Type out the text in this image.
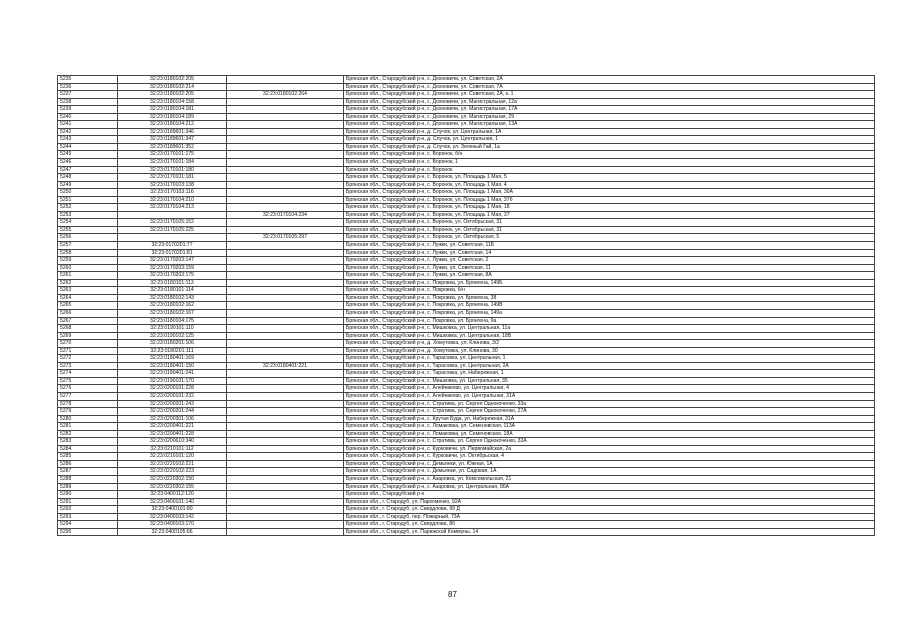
5235	32:23:0180102:205		Брянская обл., Стародубский р-н, с. Дохновичи, ул. Советская, 2А
5236	32:23:0180102:214		Брянская обл., Стародубский р-н, с. Дохновичи, ул. Советская, 7А
5237	32:23:0180102:205	32:23:0180102:264	Брянская обл., Стародубский р-н, с. Дохновичи, ул. Советская, 2А, к. 1
5238	32:23:0180104:158		Брянская обл., Стародубский р-н, с. Дохновичи, ул. Магистральная, 12а
5239	32:23:0180104:181		Брянская обл., Стародубский р-н, с. Дохновичи, ул. Магистральная, 17А
5240	32:23:0180104:189		Брянская обл., Стародубский р-н, с. Дохновичи, ул. Магистральная, 29
5241	32:23:0180104:212		Брянская обл., Стародубский р-н, с. Дохновичи, ул. Магистральная, 13А
5242	32:23:0189601:346		Брянская обл., Стародубский р-н, д. Случок, ул. Центральная, 1А
5243	32:23:0189601:347		Брянская обл., Стародубский р-н, д. Случок, ул. Центральная, 1
5244	32:23:0189601:352		Брянская обл., Стародубский р-н, д. Случок, ул. Зеленый Гай, 1а
5245	32:23:0170101:175		Брянская обл., Стародубский р-н, с. Воронок, б/н
5246	32:23:0170101:184		Брянская обл., Стародубский р-н, с. Воронок, 1
5247	32:23:0170101:180		Брянская обл., Стародубский р-н, с. Воронок
5248	32:23:0170101:181		Брянская обл., Стародубский р-н, с. Воронок, ул. Площадь 1 Мая, 5
5249	32:23:0170103:138		Брянская обл., Стародубский р-н, с. Воронок, ул. Площадь 1 Мая, 4
5250	32:23:0170103:116		Брянская обл., Стародубский р-н, с. Воронок, ул. Площадь 1 Мая, 30А
5251	32:23:0170104:210		Брянская обл., Стародубский р-н, с. Воронок, ул. Площадь 1 Мая, 37б
5252	32:23:0170104:213		Брянская обл., Стародубский р-н, с. Воронок, ул. Площадь 1 Мая, 18
5253		32:23:0170104:234	Брянская обл., Стародубский р-н, с. Воронок, ул. Площадь 1 Мая, 37
5254	32:23:0170105:152		Брянская обл., Стародубский р-н, с. Воронок, ул. Октябрьская, 31
5255	32:23:0170105:225		Брянская обл., Стародубский р-н, с. Воронок, ул. Октябрьская, 31
5256		32:23:0170105:297	Брянская обл., Стародубский р-н, с. Воронок, ул. Октябрьская, 5
5257	32:23:0170201:77		Брянская обл., Стародубский р-н, с. Лужки, ул. Советская, 11Б
5258	32:23:0170201:81		Брянская обл., Стародубский р-н, с. Лужки, ул. Советская, 14
5259	32:23:0170203:147		Брянская обл., Стародубский р-н, с. Лужки, ул. Советская, 2
5260	32:23:0170203:159		Брянская обл., Стародубский р-н, с. Лужки, ул. Советская, 11
5261	32:23:0170203:175		Брянская обл., Стародубский р-н, с. Лужки, ул. Советская, 8А
5262	32:23:0180101:113		Брянская обл., Стародубский р-н, с. Покровка, ул. Брянгена, 149Б
5263	32:23:0180101:114		Брянская обл., Стародубский р-н, с. Покровка, б/н
5264	32:23:0180102:143		Брянская обл., Стародубский р-н, с. Покровка, ул. Брянгена, 38
5265	32:23:0180102:162		Брянская обл., Стародубский р-н, с. Покровка, ул. Брянгена, 149В
5266	32:23:0180102:167		Брянская обл., Стародубский р-н, с. Покровка, ул. Брянгена, 149а
5267	32:23:0180104:175		Брянская обл., Стародубский р-н, с. Покровка, ул. Брянгена, 9а
5268	32:23:0190101:110		Брянская обл., Стародубский р-н, с. Мишковка, ул. Центральная, 11а
5269	32:23:0190102:125		Брянская обл., Стародубский р-н, с. Мишковка, ул. Центральная, 18В
5270	32:23:0180201:106		Брянская обл., Стародубский р-н, д. Хомутовка, ул. Клинова, 3/2
5271	32:23:0180201:111		Брянская обл., Стародубский р-н, д. Хомутовка, ул. Клинова, 30
5272	32:23:0180401:169		Брянская обл., Стародубский р-н, с. Тарасовка, ул. Центральная, 1
5273	32:23:0180401:150	32:23:0180401:221	Брянская обл., Стародубский р-н, с. Тарасовка, ул. Центральная, 2А
5274	32:23:0180401:241		Брянская обл., Стародубский р-н, с. Тарасовка, ул. Набережная, 1
5275	32:23:0190101:170		Брянская обл., Стародубский р-н, с. Мишковка, ул. Центральная, 35
5276	32:23:0200101:228		Брянская обл., Стародубский р-н, с. Алейниково, ул. Центральная, 4
5277	32:23:0200101:232		Брянская обл., Стародубский р-н, с. Алейниково, ул. Центральная, 31А
5278	32:23:0200201:243		Брянская обл., Стародубский р-н, с. Стратива, ул. Сергея Однокоченко, 33а
5279	32:23:0200201:244		Брянская обл., Стародубский р-н, с. Стратива, ул. Сергея Однокоченко, 27А
5280	32:23:0200301:106		Брянская обл., Стародубский р-н, с. Крутая Буда, ул. Набережная, 31А
5281	32:23:0200401:221		Брянская обл., Стародубский р-н, с. Ломаковка, ул. Семеновская, 113А
5282	32:23:0200401:228		Брянская обл., Стародубский р-н, с. Ломаковка, ул. Семеновская, 18А
5283	32:23:0200610:340		Брянская обл., Стародубский р-н, с. Стратива, ул. Сергея Однокоченко, 32А
5284	32:23:0210101:112		Брянская обл., Стародубский р-н, с. Курковичи, ул. Первомайская, 2а
5285	32:23:0210101:120		Брянская обл., Стародубский р-н, с. Курковичи, ул. Октябрьская, 4
5286	32:23:0220102:221		Брянская обл., Стародубский р-н, с. Демьянки, ул. Южная, 1А
5287	32:23:0220102:223		Брянская обл., Стародубский р-н, с. Демьянки, ул. Садовая, 1А
5288	32:23:0220302:150		Брянская обл., Стародубский р-н, с. Азаровка, ул. Комсомольская, 21
5289	32:23:0220302:155		Брянская обл., Стародубский р-н, с. Азаровка, ул. Центральная, 86А
5290	32:23:0400112:120		Брянская обл., Стародубский р-н
5291	32:23:0400101:140		Брянская обл., г. Стародуб, ул. Пархоменко, 92А
5292	32:23:0400101:80		Брянская обл., г. Стародуб, ул. Свердлова, 99 Д
5293	32:23:0400103:142		Брянская обл., г. Стародуб, пер. Пожарный, 73А
5294	32:23:0400103:170		Брянская обл., г. Стародуб, ул. Свердлова, 8б
5295	32:23:0400105:66		Брянская обл., г. Стародуб, ул. Парижской Коммуны, 14
87
